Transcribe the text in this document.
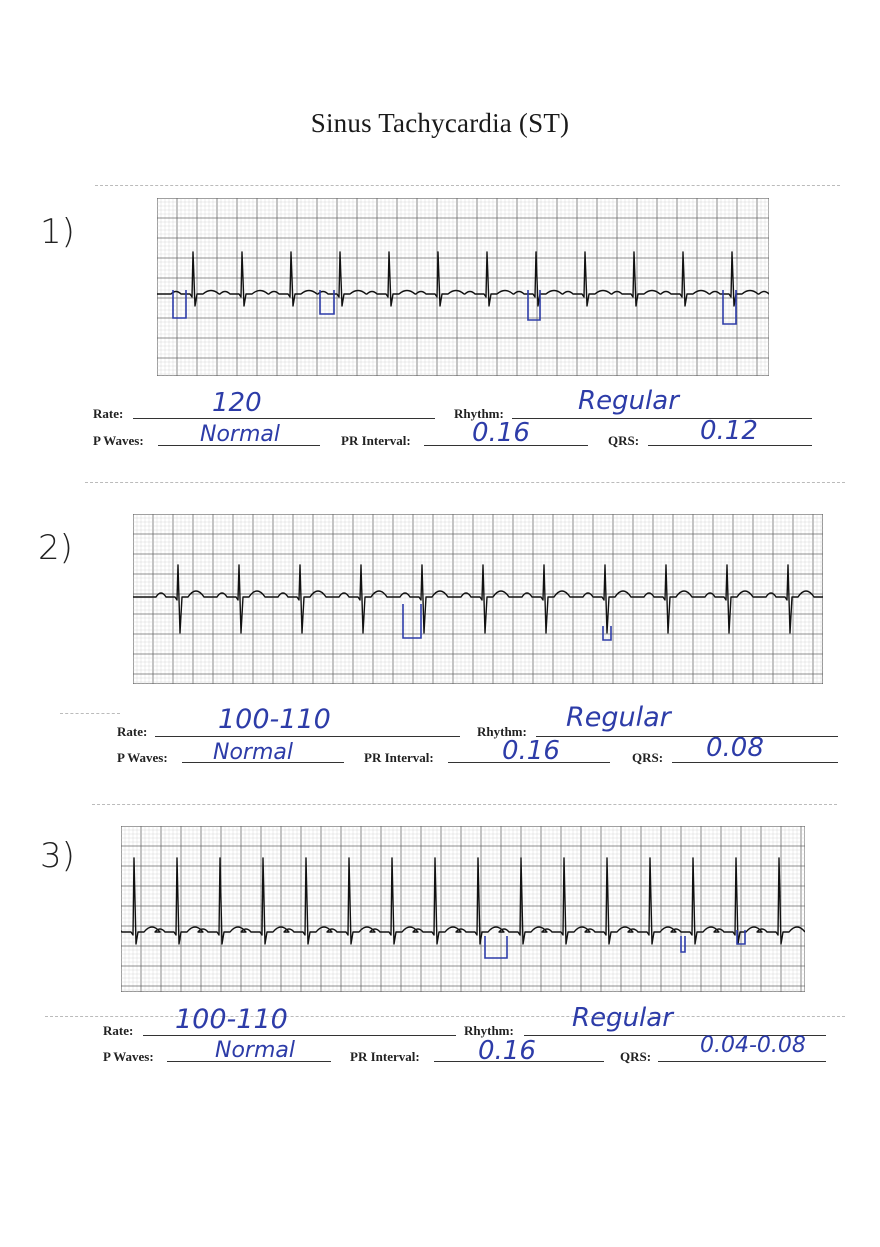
Sinus Tachycardia (ST)
1)
Rate:	120	Rhythm:	Regular
P Waves:	Normal	PR Interval: 0.16	QRS: 0.12
2)
Rate:	100-110	Rhythm: Regular
P Waves: Normal	PR Interval:	0.16	QRS: 0.08
3)
Rate: 100-110	Rhythm: Regular
P Waves:	Normal	PR Interval: 0.16	QRS: 0.04-0.08
